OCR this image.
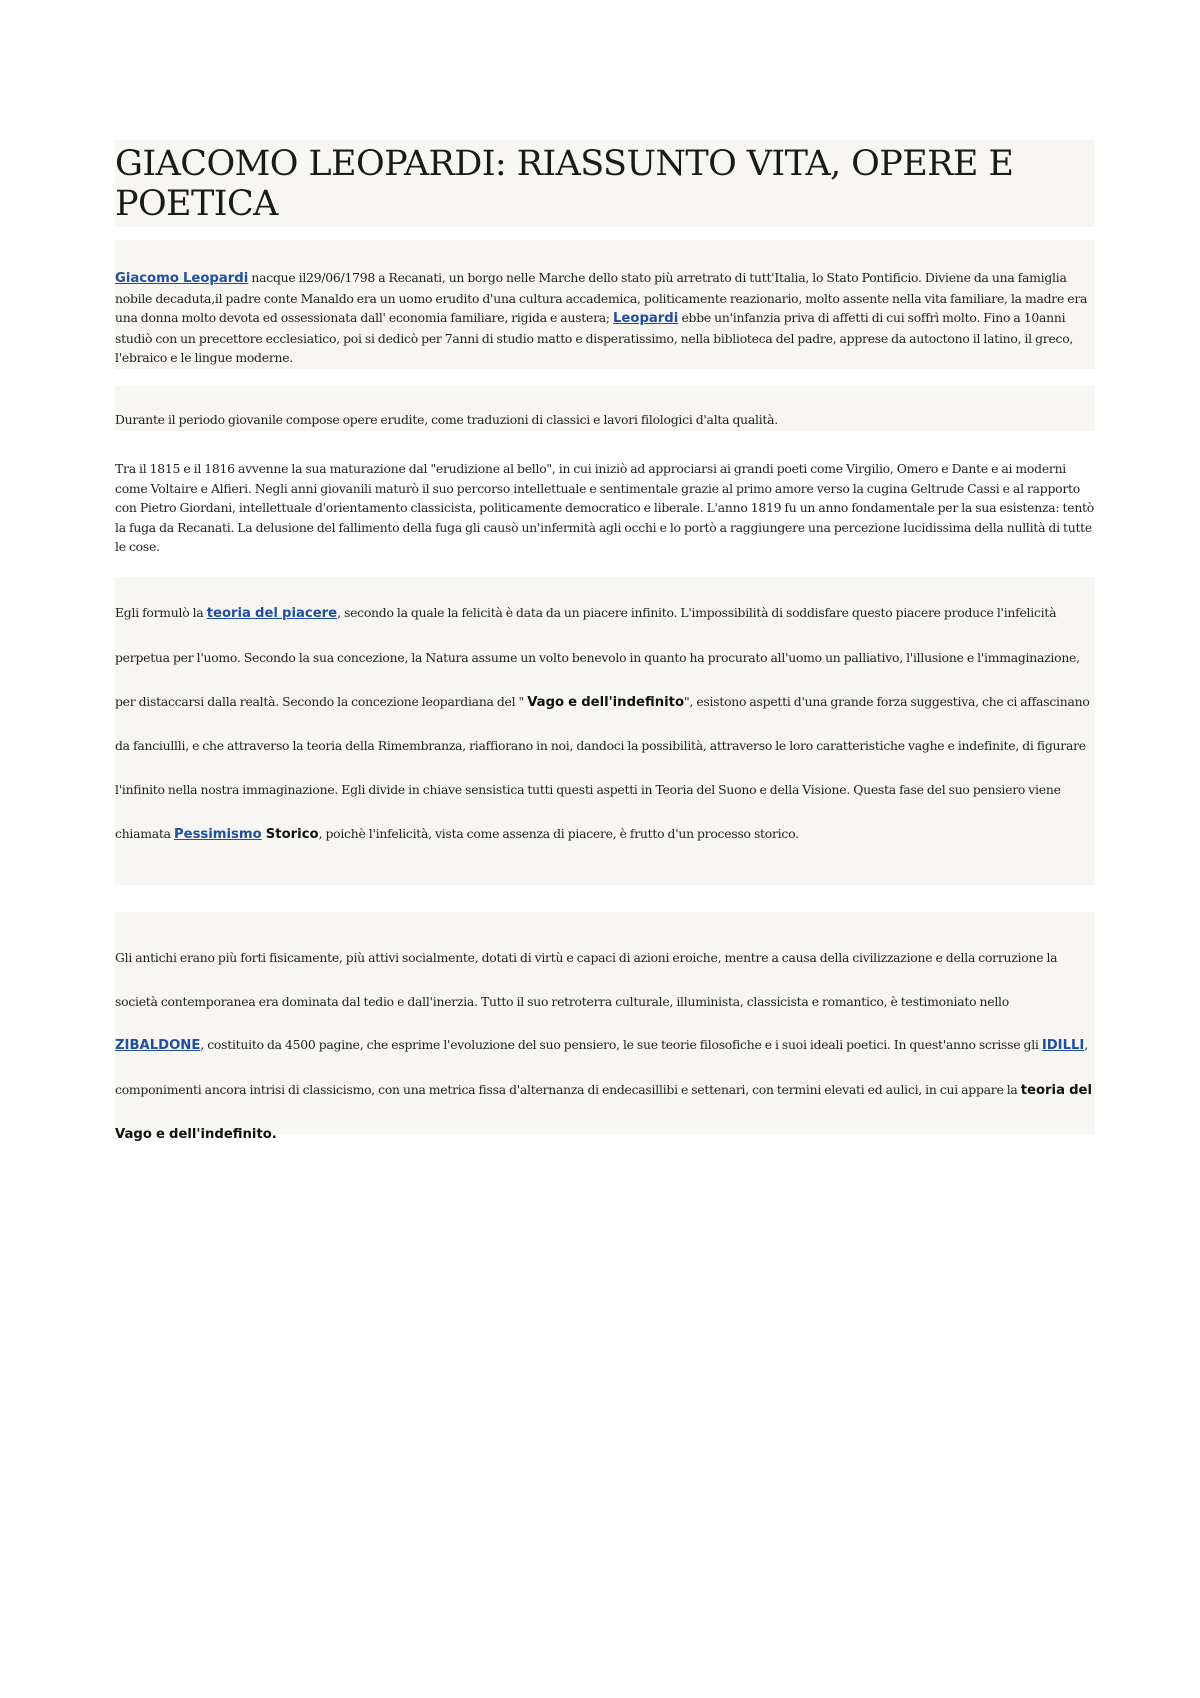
GIACOMO LEOPARDI: RIASSUNTO VITA, OPERE E POETICA
Giacomo Leopardi nacque il29/06/1798 a Recanati, un borgo nelle Marche dello stato più arretrato di tutt'Italia, lo Stato Pontificio. Diviene da una famiglia nobile decaduta,il padre conte Manaldo era un uomo erudito d'una cultura accademica, politicamente reazionario, molto assente nella vita familiare, la madre era una donna molto devota ed ossessionata dall' economia familiare, rigida e austera; Leopardi ebbe un'infanzia priva di affetti di cui soffrì molto. Fino a 10anni studiò con un precettore ecclesiatico, poi si dedicò per 7anni di studio matto e disperatissimo, nella biblioteca del padre, apprese da autoctono il latino, il greco, l'ebraico e le lingue moderne.
Durante il periodo giovanile compose opere erudite, come traduzioni di classici e lavori filologici d'alta qualità.
Tra il 1815 e il 1816 avvenne la sua maturazione dal "erudizione al bello", in cui iniziò ad approciarsi ai grandi poeti come Virgilio, Omero e Dante e ai moderni come Voltaire e Alfieri. Negli anni giovanili maturò il suo percorso intellettuale e sentimentale grazie al primo amore verso la cugina Geltrude Cassi e al rapporto con Pietro Giordani, intellettuale d'orientamento classicista, politicamente democratico e liberale. L'anno 1819 fu un anno fondamentale per la sua esistenza: tentò la fuga da Recanati. La delusione del fallimento della fuga gli causò un'infermità agli occhi e lo portò a raggiungere una percezione lucidissima della nullità di tutte le cose.
Egli formulò la teoria del piacere, secondo la quale la felicità è data da un piacere infinito. L'impossibilità di soddisfare questo piacere produce l'infelicità perpetua per l'uomo. Secondo la sua concezione, la Natura assume un volto benevolo in quanto ha procurato all'uomo un palliativo, l'illusione e l'immaginazione, per distaccarsi dalla realtà. Secondo la concezione leopardiana del " Vago e dell'indefinito", esistono aspetti d'una grande forza suggestiva, che ci affascinano da fanciullli, e che attraverso la teoria della Rimembranza, riaffiorano in noi, dandoci la possibilità, attraverso le loro caratteristiche vaghe e indefinite, di figurare l'infinito nella nostra immaginazione. Egli divide in chiave sensistica tutti questi aspetti in Teoria del Suono e della Visione. Questa fase del suo pensiero viene chiamata Pessimismo Storico, poichè l'infelicità, vista come assenza di piacere, è frutto d'un processo storico.
Gli antichi erano più forti fisicamente, più attivi socialmente, dotati di virtù e capaci di azioni eroiche, mentre a causa della civilizzazione e della corruzione la società contemporanea era dominata dal tedio e dall'inerzia. Tutto il suo retroterra culturale, illuminista, classicista e romantico, è testimoniato nello ZIBALDONE, costituito da 4500 pagine, che esprime l'evoluzione del suo pensiero, le sue teorie filosofiche e i suoi ideali poetici. In quest'anno scrisse gli IDILLI, componimenti ancora intrisi di classicismo, con una metrica fissa d'alternanza di endecasillibi e settenari, con termini elevati ed aulici, in cui appare la teoria del Vago e dell'indefinito.
